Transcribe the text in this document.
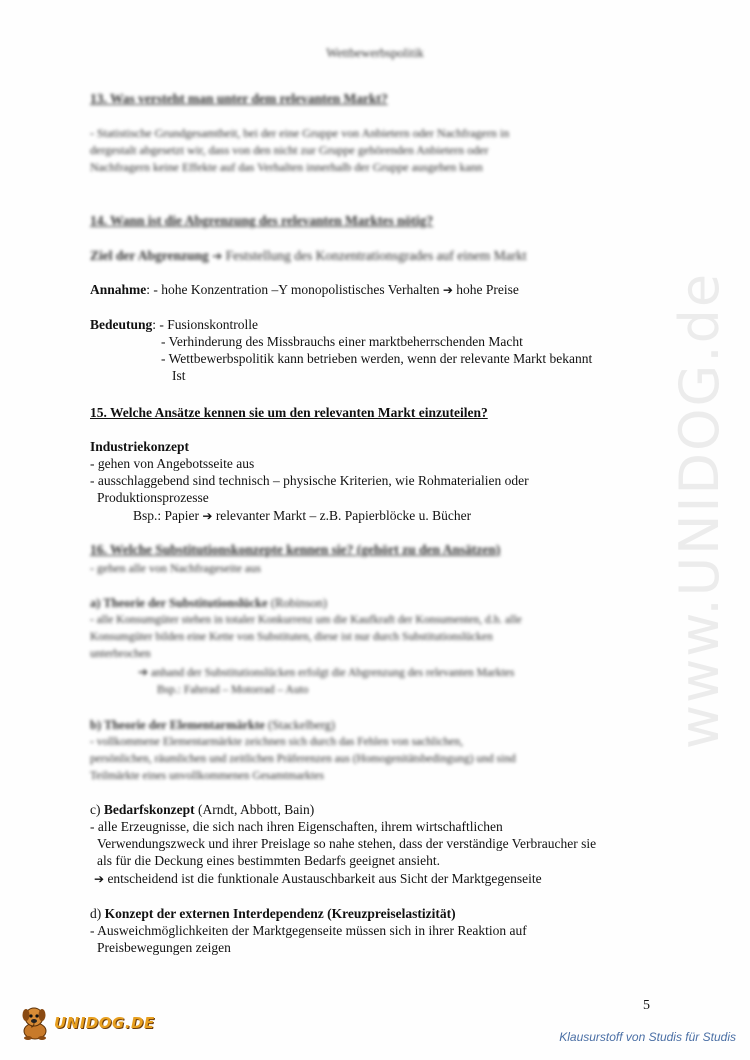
www.UNIDOG.de
Wettbewerbspolitik
13. Was versteht man unter dem relevanten Markt?
- Statistische Grundgesamtheit, bei der eine Gruppe von Anbietern oder Nachfragern in
dergestalt abgesetzt wir, dass von den nicht zur Gruppe gehörenden Anbietern oder
Nachfragern keine Effekte auf das Verhalten innerhalb der Gruppe ausgehen kann
14. Wann ist die Abgrenzung des relevanten Marktes nötig?
Ziel der Abgrenzung ➔ Feststellung des Konzentrationsgrades auf einem Markt
Annahme: - hohe Konzentration –Y monopolistisches Verhalten ➔ hohe Preise
Bedeutung: - Fusionskontrolle
- Verhinderung des Missbrauchs einer marktbeherrschenden Macht
- Wettbewerbspolitik kann betrieben werden, wenn der relevante Markt bekannt
Ist
15. Welche Ansätze kennen sie um den relevanten Markt einzuteilen?
Industriekonzept
- gehen von Angebotsseite aus
- ausschlaggebend sind technisch – physische Kriterien, wie Rohmaterialien oder
Produktionsprozesse
Bsp.: Papier ➔ relevanter Markt – z.B. Papierblöcke u. Bücher
16. Welche Substitutionskonzepte kennen sie? (gehört zu den Ansätzen)
- gehen alle von Nachfrageseite aus
a) Theorie der Substitutionslücke (Robinson)
- alle Konsumgüter stehen in totaler Konkurrenz um die Kaufkraft der Konsumenten, d.h. alle
Konsumgüter bilden eine Kette von Substituten, diese ist nur durch Substitutionslücken
unterbrochen
➔ anhand der Substitutionslücken erfolgt die Abgrenzung des relevanten Marktes
Bsp.: Fahrrad – Motorrad – Auto
b) Theorie der Elementarmärkte (Stackelberg)
- vollkommene Elementarmärkte zeichnen sich durch das Fehlen von sachlichen,
persönlichen, räumlichen und zeitlichen Präferenzen aus (Homogenitätsbedingung) und sind
Teilmärkte eines unvollkommenen Gesamtmarktes
c) Bedarfskonzept (Arndt, Abbott, Bain)
- alle Erzeugnisse, die sich nach ihren Eigenschaften, ihrem wirtschaftlichen
Verwendungszweck und ihrer Preislage so nahe stehen, dass der verständige Verbraucher sie
als für die Deckung eines bestimmten Bedarfs geeignet ansieht.
➔ entscheidend ist die funktionale Austauschbarkeit aus Sicht der Marktgegenseite
d) Konzept der externen Interdependenz (Kreuzpreiselastizität)
- Ausweichmöglichkeiten der Marktgegenseite müssen sich in ihrer Reaktion auf
Preisbewegungen zeigen
5
UNIDOG.DE
Klausurstoff von Studis für Studis
